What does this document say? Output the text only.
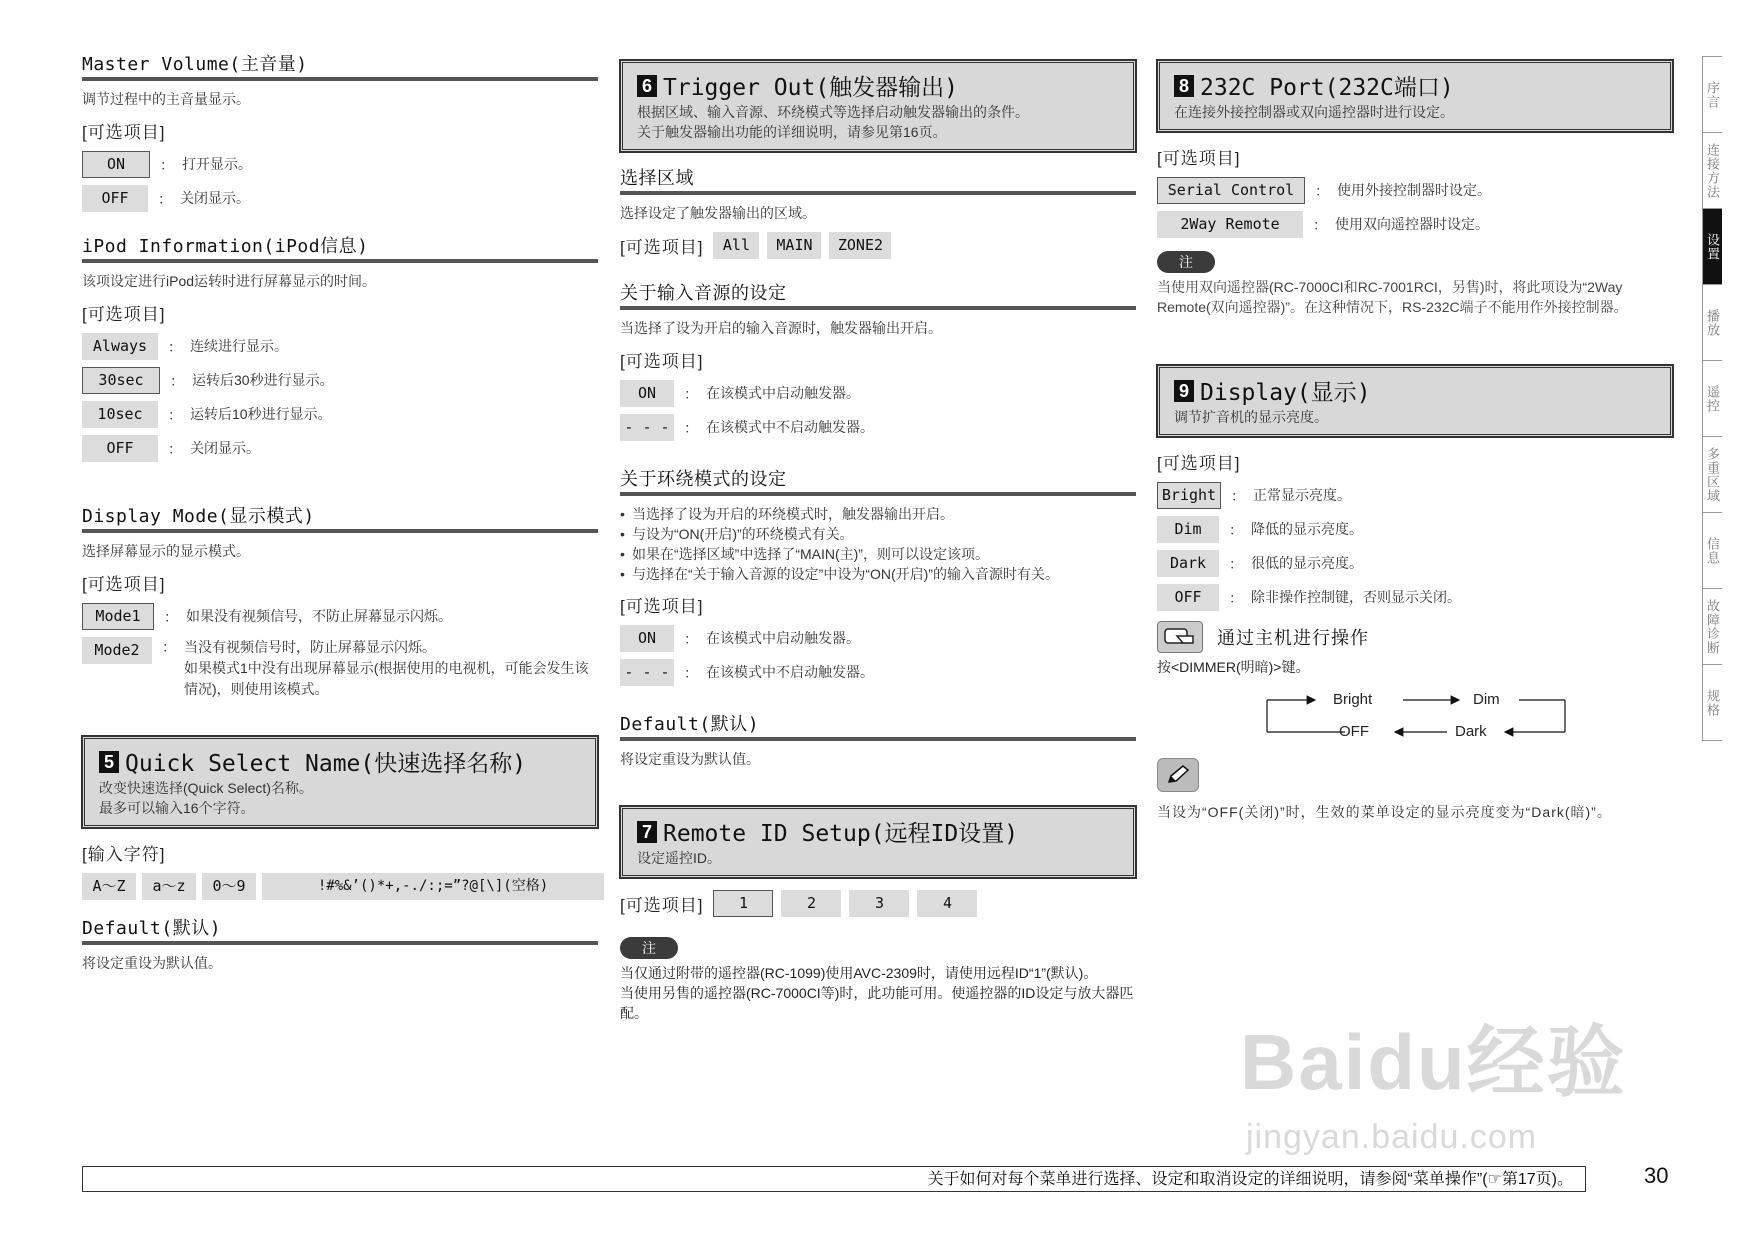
Master Volume(主音量)

调节过程中的主音量显示。

[可选项目]
ON	： 打开显示。
OFF	： 关闭显示。
iPod Information(iPod信息)

该项设定进行iPod运转时进行屏幕显示的时间。

[可选项目]
Always	： 连续进行显示。
30sec	： 运转后30秒进行显示。
10sec	： 运转后10秒进行显示。
OFF	： 关闭显示。
Display Mode(显示模式)

选择屏幕显示的显示模式。

[可选项目]
Mode1	： 如果没有视频信号，不防止屏幕显示闪烁。
Mode2	： 当没有视频信号时，防止屏幕显示闪烁。
如果模式1中没有出现屏幕显示(根据使用的电视机，可能会发生该情况)，则使用该模式。
5 Quick Select Name(快速选择名称)
改变快速选择(Quick Select)名称。
最多可以输入16个字符。
[输入字符]
A～Z	a～z	0～9	!#%&’()*+,-./:;=”?@[\](空格)
Default(默认)

将设定重设为默认值。

6 Trigger Out(触发器输出)
根据区域、输入音源、环绕模式等选择启动触发器输出的条件。
关于触发器输出功能的详细说明，请参见第16页。
选择区域

选择设定了触发器输出的区域。

[可选项目]	All	MAIN	ZONE2
关于输入音源的设定

当选择了设为开启的输入音源时，触发器输出开启。

[可选项目]
ON	： 在该模式中启动触发器。
- - -	： 在该模式中不启动触发器。
关于环绕模式的设定
• 当选择了设为开启的环绕模式时，触发器输出开启。
• 与设为“ON(开启)”的环绕模式有关。
• 如果在“选择区域”中选择了“MAIN(主)”，则可以设定该项。
• 与选择在“关于输入音源的设定”中设为“ON(开启)”的输入音源时有关。
[可选项目]
ON	： 在该模式中启动触发器。
- - -	： 在该模式中不启动触发器。
Default(默认)

将设定重设为默认值。

7 Remote ID Setup(远程ID设置)
设定遥控ID。
[可选项目]	1	2	3	4
注
当仅通过附带的遥控器(RC-1099)使用AVC-2309时，请使用远程ID“1”(默认)。
当使用另售的遥控器(RC-7000CI等)时，此功能可用。使遥控器的ID设定与放大器匹配。
8 232C Port(232C端口)
在连接外接控制器或双向遥控器时进行设定。
[可选项目]
Serial Control	： 使用外接控制器时设定。
2Way Remote	： 使用双向遥控器时设定。
注
当使用双向遥控器(RC-7000CI和RC-7001RCI，另售)时，将此项设为“2Way Remote(双向遥控器)”。在这种情况下，RS-232C端子不能用作外接控制器。
9 Display(显示)
调节扩音机的显示亮度。
[可选项目]
Bright	： 正常显示亮度。
Dim	： 降低的显示亮度。
Dark	： 很低的显示亮度。
OFF	： 除非操作控制键，否则显示关闭。
通过主机进行操作
按<DIMMER(明暗)>键。
Bright	Dim
Dark
OFF
当设为“OFF(关闭)”时，生效的菜单设定的显示亮度变为“Dark(暗)”。
序言
连接方法
设置
播放
遥控
多重区域
信息
故障诊断
规格
Baidu经验
jingyan.baidu.com
关于如何对每个菜单进行选择、设定和取消设定的详细说明，请参阅“菜单操作”(☞第17页)。	30
